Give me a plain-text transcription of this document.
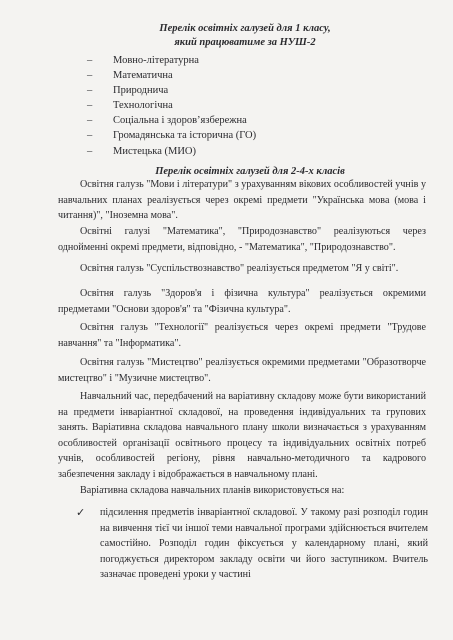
Перелік освітніх галузей для 1 класу,
який працюватиме за НУШ-2
– Мовно-літературна
– Математична
– Природнича
– Технологічна
– Соціальна і здоров’язбережна
– Громадянська та історична (ГО)
– Мистецька (МИО)
Перелік освітніх галузей для 2-4-х класів

Освітня галузь "Мови і літератури" з урахуванням вікових особливостей учнів у навчальних планах реалізується через окремі предмети "Українська мова (мова і читання)", "Іноземна мова".

Освітні галузі "Математика", "Природознавство" реалізуються через однойменні окремі предмети, відповідно, - "Математика", "Природознавство".

Освітня галузь "Суспільствознавство" реалізується предметом "Я у світі".

Освітня галузь "Здоров'я і фізична культура" реалізується окремими предметами "Основи здоров'я" та "Фізична культура".

Освітня галузь "Технології" реалізується через окремі предмети "Трудове навчання" та "Інформатика".

Освітня галузь "Мистецтво" реалізується окремими предметами "Образотворче мистецтво" і "Музичне мистецтво".

Навчальний час, передбачений на варіативну складову може бути використаний на предмети інваріантної складової, на проведення індивідуальних та групових занять. Варіативна складова навчального плану школи визначається з урахуванням особливостей організації освітнього процесу та індивідуальних освітніх потреб учнів, особливостей регіону, рівня навчально-методичного та кадрового забезпечення закладу і відображається в навчальному плані.

Варіативна складова навчальних планів використовується на:

✓ підсилення предметів інваріантної складової. У такому разі розподіл годин на вивчення тієї чи іншої теми навчальної програми здійснюється вчителем самостійно. Розподіл годин фіксується у календарному плані, який погоджується директором закладу освіти чи його заступником. Вчитель зазначає проведені уроки у частині
